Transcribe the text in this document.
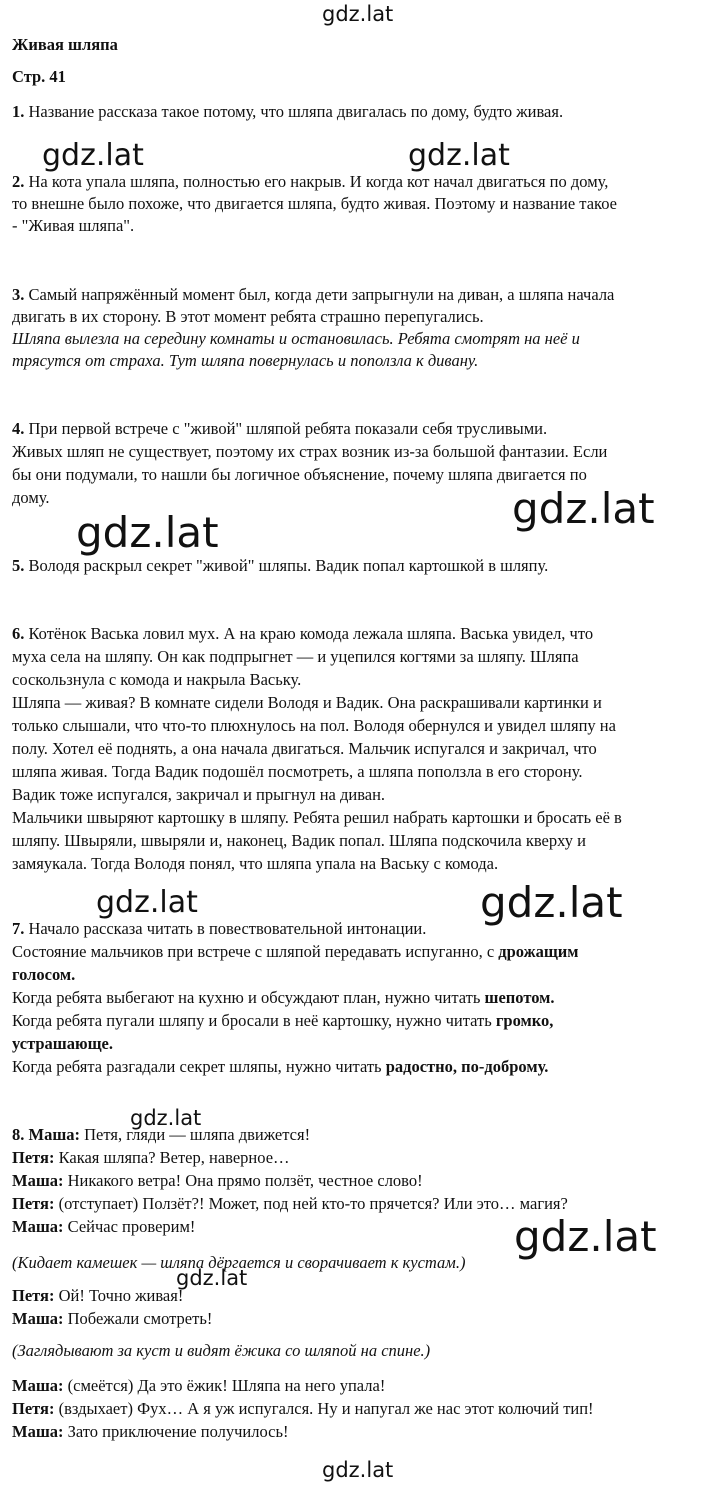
Живая шляпа
Стр. 41
1. Название рассказа такое потому, что шляпа двигалась по дому, будто живая.
2. На кота упала шляпа, полностью его накрыв. И когда кот начал двигаться по дому,
то внешне было похоже, что двигается шляпа, будто живая. Поэтому и название такое
- "Живая шляпа".
3. Самый напряжённый момент был, когда дети запрыгнули на диван, а шляпа начала
двигать в их сторону. В этот момент ребята страшно перепугались.
Шляпа вылезла на середину комнаты и остановилась. Ребята смотрят на неё и
трясутся от страха. Тут шляпа повернулась и поползла к дивану.
4. При первой встрече с "живой" шляпой ребята показали себя трусливыми.
Живых шляп не существует, поэтому их страх возник из-за большой фантазии. Если
бы они подумали, то нашли бы логичное объяснение, почему шляпа двигается по
дому.
5. Володя раскрыл секрет "живой" шляпы. Вадик попал картошкой в шляпу.
6. Котёнок Васька ловил мух. А на краю комода лежала шляпа. Васька увидел, что
муха села на шляпу. Он как подпрыгнет — и уцепился когтями за шляпу. Шляпа
соскользнула с комода и накрыла Ваську.
Шляпа — живая? В комнате сидели Володя и Вадик. Она раскрашивали картинки и
только слышали, что что-то плюхнулось на пол. Володя обернулся и увидел шляпу на
полу. Хотел её поднять, а она начала двигаться. Мальчик испугался и закричал, что
шляпа живая. Тогда Вадик подошёл посмотреть, а шляпа поползла в его сторону.
Вадик тоже испугался, закричал и прыгнул на диван.
Мальчики швыряют картошку в шляпу. Ребята решил набрать картошки и бросать её в
шляпу. Швыряли, швыряли и, наконец, Вадик попал. Шляпа подскочила кверху и
замяукала. Тогда Володя понял, что шляпа упала на Ваську с комода.
7. Начало рассказа читать в повествовательной интонации.
Состояние мальчиков при встрече с шляпой передавать испуганно, с дрожащим
голосом.
Когда ребята выбегают на кухню и обсуждают план, нужно читать шепотом.
Когда ребята пугали шляпу и бросали в неё картошку, нужно читать громко,
устрашающе.
Когда ребята разгадали секрет шляпы, нужно читать радостно, по-доброму.
8. Маша: Петя, гляди — шляпа движется!
Петя: Какая шляпа? Ветер, наверное…
Маша: Никакого ветра! Она прямо ползёт, честное слово!
Петя: (отступает) Ползёт?! Может, под ней кто-то прячется? Или это… магия?
Маша: Сейчас проверим!
(Кидает камешек — шляпа дёргается и сворачивает к кустам.)
Петя: Ой! Точно живая!
Маша: Побежали смотреть!
(Заглядывают за куст и видят ёжика со шляпой на спине.)
Маша: (смеётся) Да это ёжик! Шляпа на него упала!
Петя: (вздыхает) Фух… А я уж испугался. Ну и напугал же нас этот колючий тип!
Маша: Зато приключение получилось!
gdz.lat
gdz.lat	gdz.lat
gdz.lat	gdz.lat
gdz.lat	gdz.lat
gdz.lat
gdz.lat
gdz.lat
gdz.lat
